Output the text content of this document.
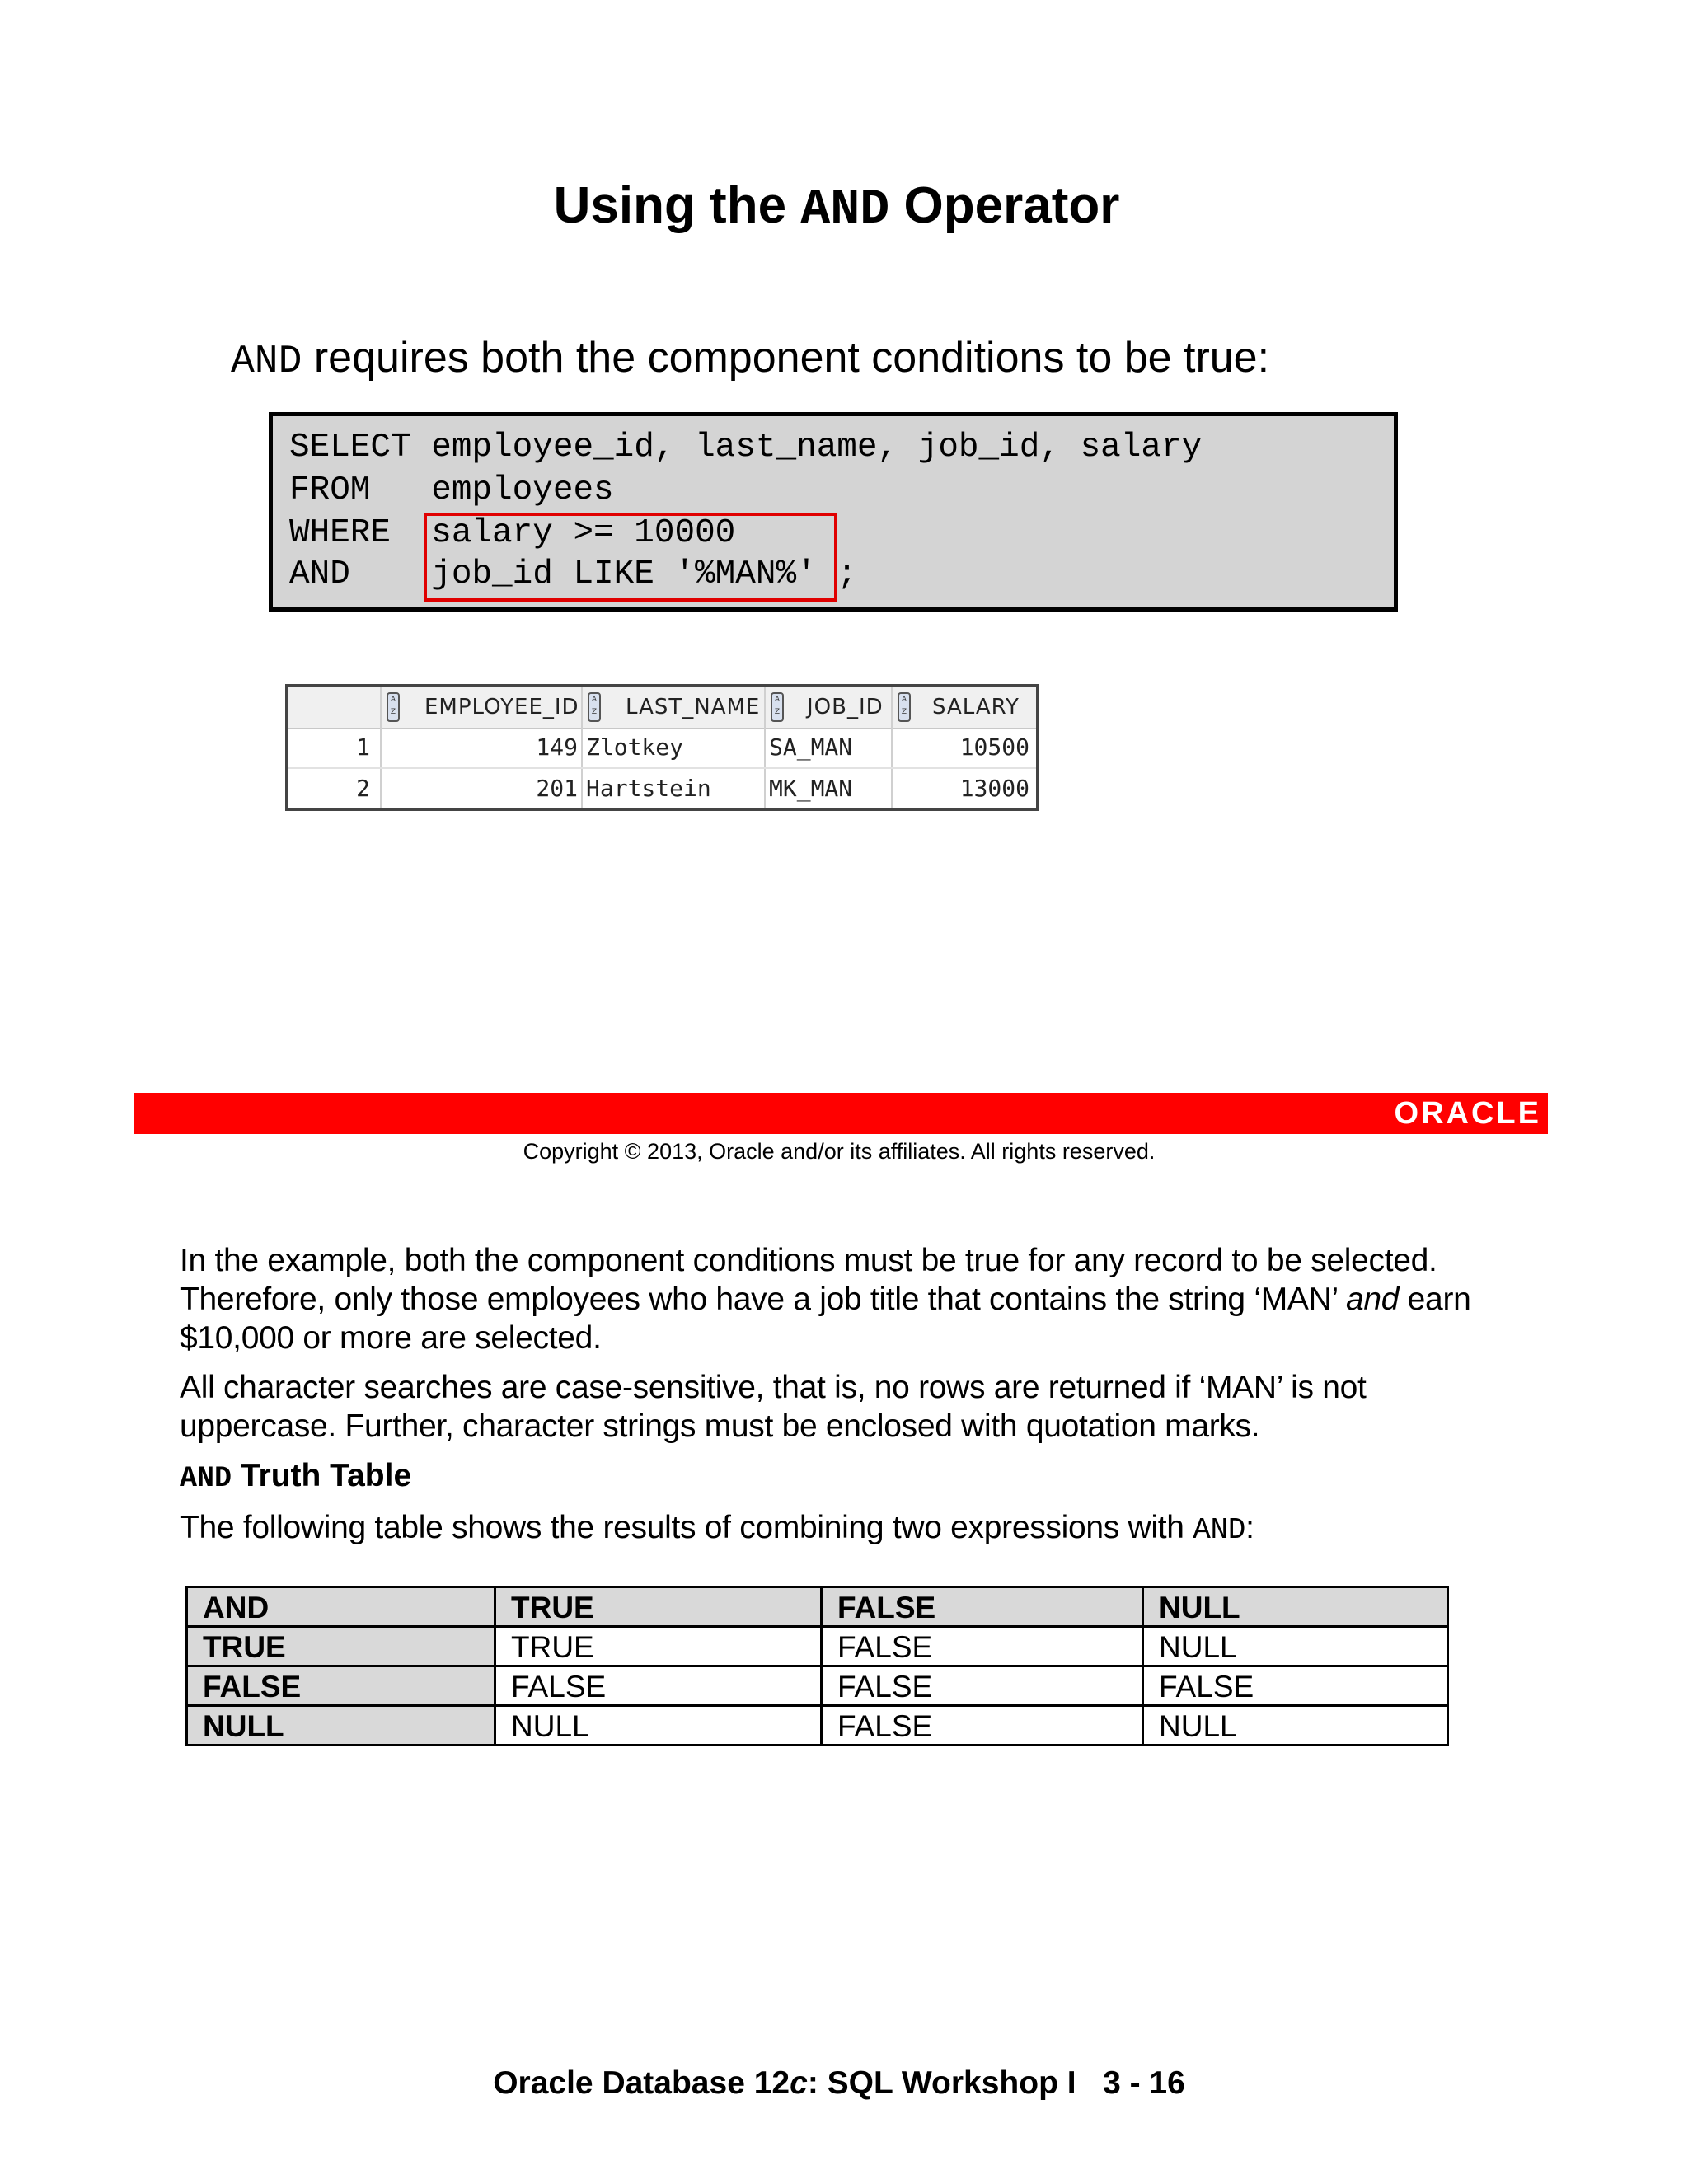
Using the AND Operator
AND requires both the component conditions to be true:
SELECT employee_id, last_name, job_id, salary
FROM   employees
WHERE  salary >= 10000
AND    job_id LIKE '%MAN%' ;
A
Z EMPLOYEE_ID	A
Z LAST_NAME	A
Z JOB_ID	A
Z SALARY
1	149 Zlotkey	SA_MAN	10500
2	201 Hartstein	MK_MAN	13000
ORACLE
Copyright © 2013, Oracle and/or its affiliates. All rights reserved.
In the example, both the component conditions must be true for any record to be selected. Therefore, only those employees who have a job title that contains the string ‘MAN’ and earn $10,000 or more are selected.
All character searches are case-sensitive, that is, no rows are returned if ‘MAN’ is not uppercase. Further, character strings must be enclosed with quotation marks.
AND Truth Table
The following table shows the results of combining two expressions with AND:
AND	TRUE	FALSE	NULL
TRUE	TRUE	FALSE	NULL
FALSE	FALSE	FALSE	FALSE
NULL	NULL	FALSE	NULL
Oracle Database 12c: SQL Workshop I   3 - 16
